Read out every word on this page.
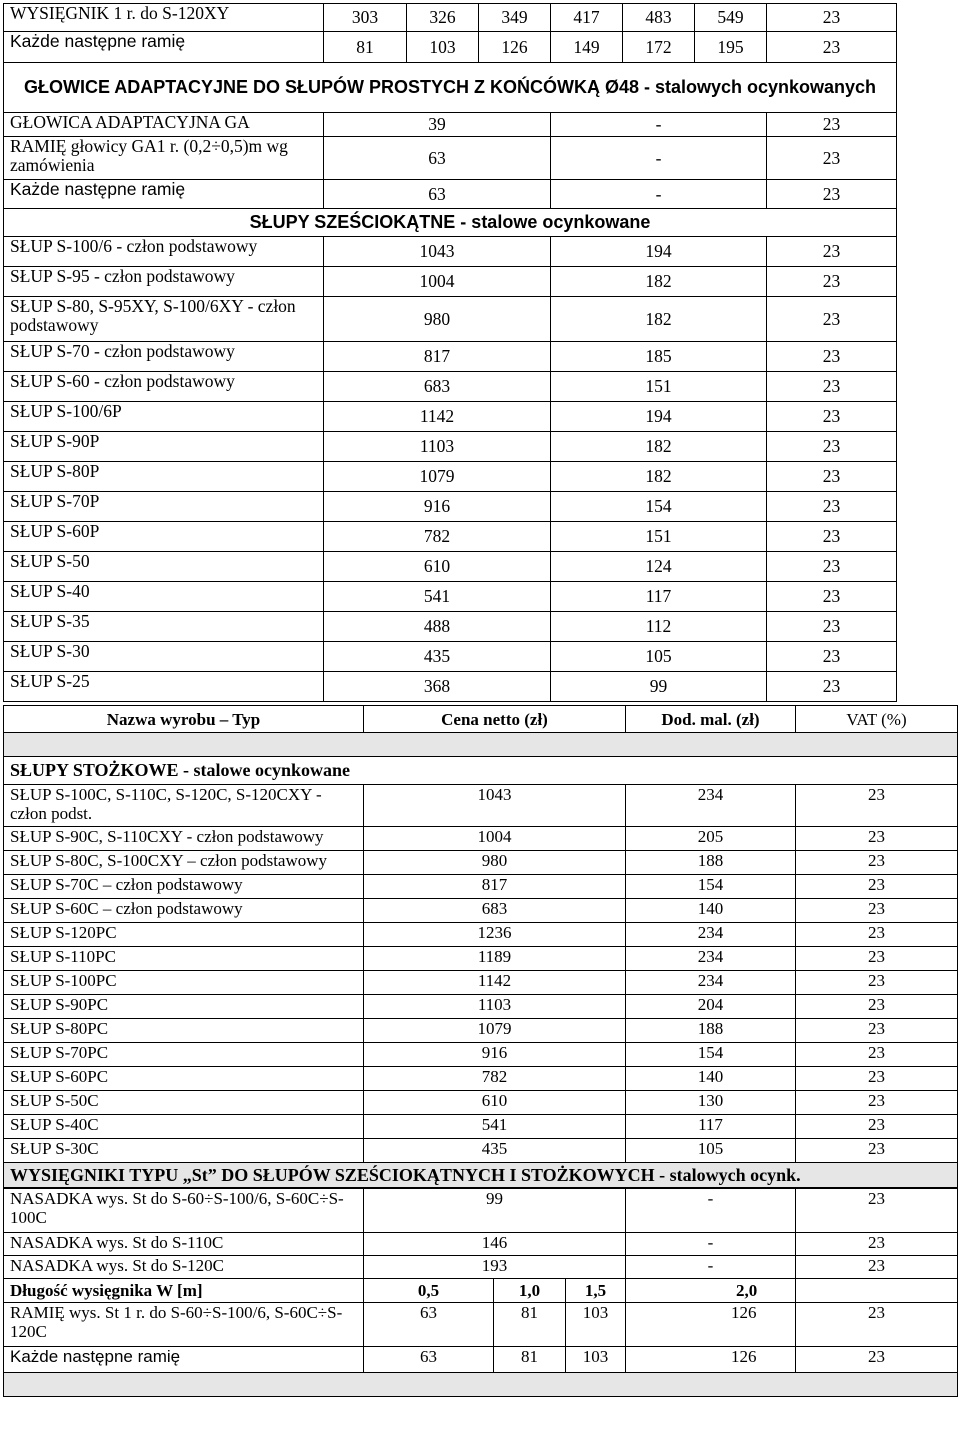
WYSIĘGNIK 1 r. do S-120XY	303	326	349	417	483	549	23
Każde następne ramię	81	103	126	149	172	195	23
GŁOWICE ADAPTACYJNE DO SŁUPÓW PROSTYCH Z KOŃCÓWKĄ Ø48 - stalowych ocynkowanych							
GŁOWICA ADAPTACYJNA GA	39			-			23
RAMIĘ głowicy GA1 r. (0,2÷0,5)m wg zamówienia	63			-			23
Każde następne ramię	63			-			23
SŁUPY SZEŚCIOKĄTNE - stalowe ocynkowane							
SŁUP S-100/6 - człon podstawowy	1043			194			23
SŁUP S-95 - człon podstawowy	1004			182			23
SŁUP S-80, S-95XY, S-100/6XY - człon podstawowy	980			182			23
SŁUP S-70 - człon podstawowy	817			185			23
SŁUP S-60 - człon podstawowy	683			151			23
SŁUP S-100/6P	1142			194			23
SŁUP S-90P	1103			182			23
SŁUP S-80P	1079			182			23
SŁUP S-70P	916			154			23
SŁUP S-60P	782			151			23
SŁUP S-50	610			124			23
SŁUP S-40	541			117			23
SŁUP S-35	488			112			23
SŁUP S-30	435			105			23
SŁUP S-25	368			99			23
Nazwa wyrobu – Typ	Cena netto (zł)	Dod. mal. (zł)	VAT (%)

SŁUPY STOŻKOWE - stalowe ocynkowane			
SŁUP S-100C, S-110C, S-120C, S-120CXY - człon podst.	1043	234	23
SŁUP S-90C, S-110CXY - człon podstawowy	1004	205	23
SŁUP S-80C, S-100CXY – człon podstawowy	980	188	23
SŁUP S-70C – człon podstawowy	817	154	23
SŁUP S-60C – człon podstawowy	683	140	23
SŁUP S-120PC	1236	234	23
SŁUP S-110PC	1189	234	23
SŁUP S-100PC	1142	234	23
SŁUP S-90PC	1103	204	23
SŁUP S-80PC	1079	188	23
SŁUP S-70PC	916	154	23
SŁUP S-60PC	782	140	23
SŁUP S-50C	610	130	23
SŁUP S-40C	541	117	23
SŁUP S-30C	435	105	23

WYSIĘGNIKI TYPU „St” DO SŁUPÓW SZEŚCIOKĄTNYCH I STOŻKOWYCH - stalowych ocynk.					
NASADKA wys. St do S-60÷S-100/6, S-60C÷S-100C	99			-	23
NASADKA wys. St do S-110C	146			-	23
NASADKA wys. St do S-120C	193			-	23
Długość wysięgnika W [m]	0,5	1,0	1,5	2,0	
RAMIĘ wys. St 1 r. do S-60÷S-100/6, S-60C÷S-120C	63	81	103	126	23
Każde następne ramię	63	81	103	126	23
